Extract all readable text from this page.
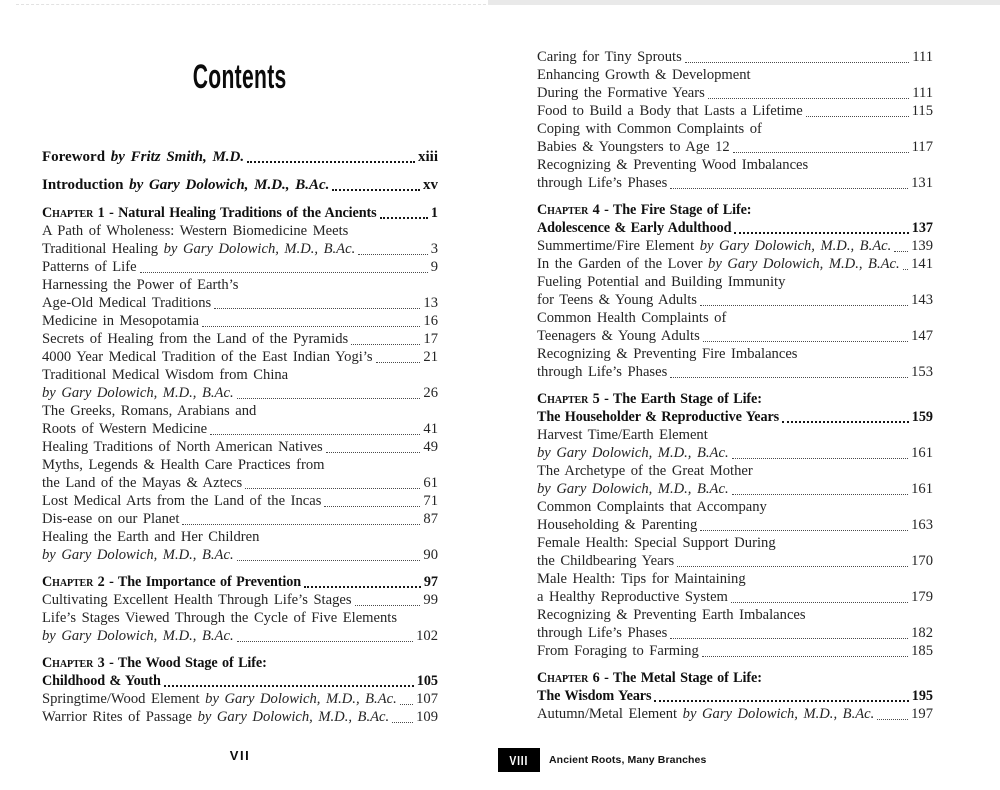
Contents
Foreword by Fritz Smith, M.D.	xiii
Introduction by Gary Dolowich, M.D., B.Ac.	xv
Chapter 1 - Natural Healing Traditions of the Ancients	1
A Path of Wholeness: Western Biomedicine Meets
Traditional Healing by Gary Dolowich, M.D., B.Ac.	3
Patterns of Life	9
Harnessing the Power of Earth’s
Age-Old Medical Traditions	13
Medicine in Mesopotamia	16
Secrets of Healing from the Land of the Pyramids	17
4000 Year Medical Tradition of the East Indian Yogi’s	21
Traditional Medical Wisdom from China
by Gary Dolowich, M.D., B.Ac.	26
The Greeks, Romans, Arabians and
Roots of Western Medicine	41
Healing Traditions of North American Natives	49
Myths, Legends & Health Care Practices from
the Land of the Mayas & Aztecs	61
Lost Medical Arts from the Land of the Incas	71
Dis-ease on our Planet	87
Healing the Earth and Her Children
by Gary Dolowich, M.D., B.Ac.	90
Chapter 2 - The Importance of Prevention	97
Cultivating Excellent Health Through Life’s Stages	99
Life’s Stages Viewed Through the Cycle of Five Elements
by Gary Dolowich, M.D., B.Ac.	102
Chapter 3 - The Wood Stage of Life:
Childhood & Youth	105
Springtime/Wood Element by Gary Dolowich, M.D., B.Ac. 107
Warrior Rites of Passage by Gary Dolowich, M.D., B.Ac. 109
VII
Caring for Tiny Sprouts	111
Enhancing Growth & Development
During the Formative Years	111
Food to Build a Body that Lasts a Lifetime	115
Coping with Common Complaints of
Babies & Youngsters to Age 12	117
Recognizing & Preventing Wood Imbalances
through Life’s Phases	131
Chapter 4 - The Fire Stage of Life:
Adolescence & Early Adulthood	137
Summertime/Fire Element by Gary Dolowich, M.D., B.Ac. 139
In the Garden of the Lover by Gary Dolowich, M.D., B.Ac. 141
Fueling Potential and Building Immunity
for Teens & Young Adults	143
Common Health Complaints of
Teenagers & Young Adults	147
Recognizing & Preventing Fire Imbalances
through Life’s Phases	153
Chapter 5 - The Earth Stage of Life:
The Householder & Reproductive Years	159
Harvest Time/Earth Element
by Gary Dolowich, M.D., B.Ac.	161
The Archetype of the Great Mother
by Gary Dolowich, M.D., B.Ac.	161
Common Complaints that Accompany
Householding & Parenting	163
Female Health: Special Support During
the Childbearing Years	170
Male Health: Tips for Maintaining
a Healthy Reproductive System	179
Recognizing & Preventing Earth Imbalances
through Life’s Phases	182
From Foraging to Farming	185
Chapter 6 - The Metal Stage of Life:
The Wisdom Years	195
Autumn/Metal Element by Gary Dolowich, M.D., B.Ac.	197
VIII Ancient Roots, Many Branches
